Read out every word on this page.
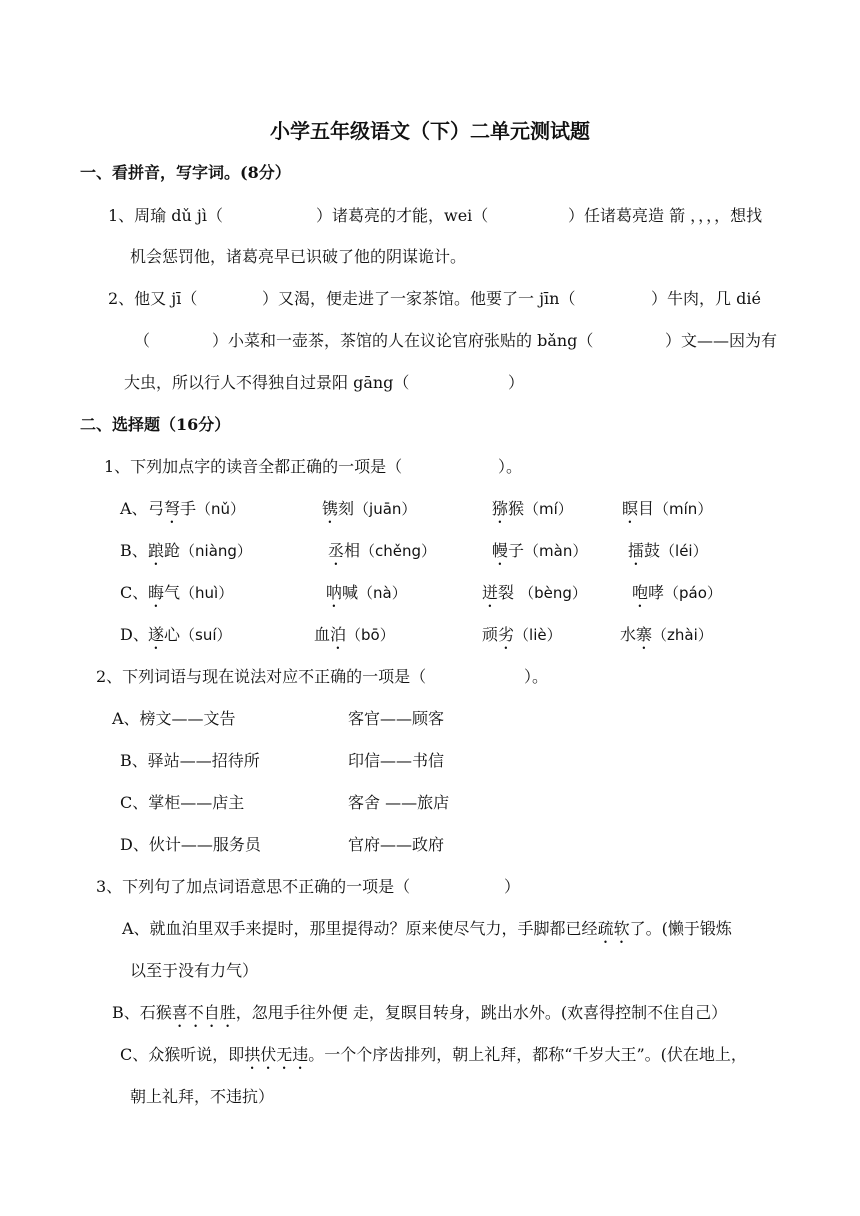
小学五年级语文（下）二单元测试题
一、看拼音，写字词。(8分）
1、周瑜 dǔ jì（	）诸葛亮的才能，wei（	）任诸葛亮造 箭 ，，，，想找
机会惩罚他，诸葛亮早已识破了他的阴谋诡计。
2、他又 jī（	）又渴，便走进了一家茶馆。他要了一 jīn（	）牛肉，几 dié
（	）小菜和一壶茶，茶馆的人在议论官府张贴的 bǎng（	）文——因为有
大虫，所以行人不得独自过景阳 gāng（	）
二、选择题（16分）
1、下列加点字的读音全都正确的一项是（	）。
A、 弓弩手（nǔ）	镌刻（juān）	猕猴（mí）	瞑目（mín）
B、 踉跄（niàng）	丞相（chěng）	幔子（màn）	擂鼓（léi）
C、 晦气（huì）	呐喊（nà）	迸裂 （bèng）	咆哮（páo）
D、 遂心（suí）	血泊（bō）	顽劣（liè）	水寨（zhài）
2、下列词语与现在说法对应不正确的一项是（	）。
A、榜文——文告	客官——顾客
B、驿站——招待所	印信——书信
C、掌柜——店主	客舍 ——旅店
D、伙计——服务员	官府——政府
3、下列句了加点词语意思不正确的一项是（	）
A、就血泊里双手来提时，那里提得动？原来使尽气力，手脚都已经疏软了。(懒于锻炼
以至于没有力气）
B、石猴喜不自胜，忽甩手往外便 走，复瞑目转身，跳出水外。(欢喜得控制不住自己）
C、众猴听说，即拱伏无违。一个个序齿排列，朝上礼拜，都称“千岁大王”。(伏在地上，
朝上礼拜，不违抗）
